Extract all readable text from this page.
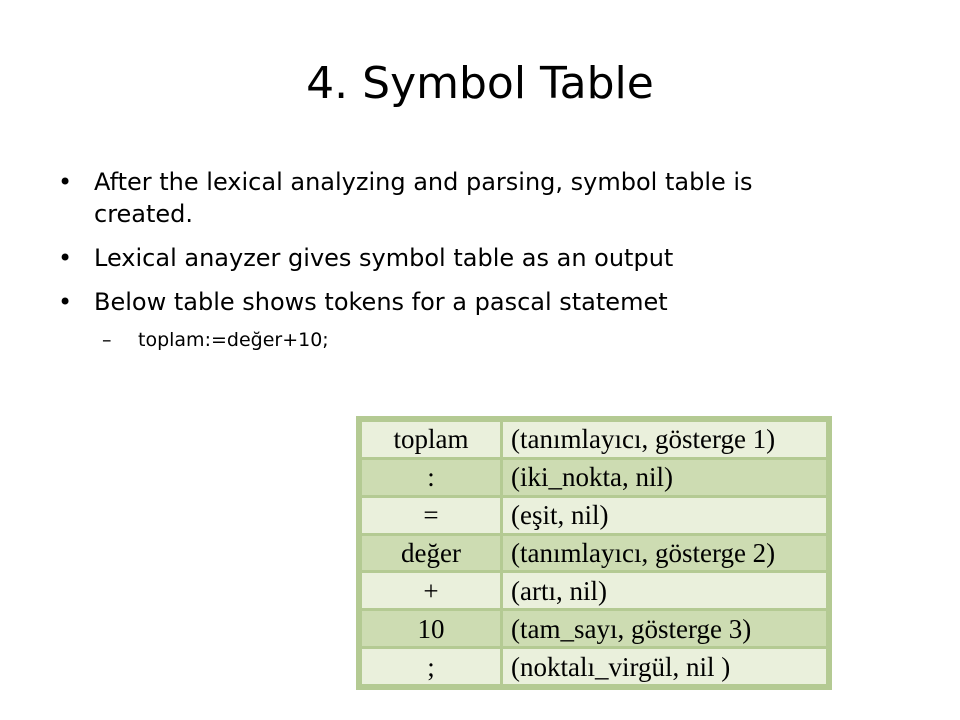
4. Symbol Table
• After the lexical analyzing and parsing, symbol table is created.
• Lexical anayzer gives symbol table as an output
• Below table shows tokens for a pascal statemet
– toplam:=değer+10;
toplam	(tanımlayıcı, gösterge 1)
:	(iki_nokta, nil)
=	(eşit, nil)
değer	(tanımlayıcı, gösterge 2)
+	(artı, nil)
10	(tam_sayı, gösterge 3)
;	(noktalı_virgül, nil )
